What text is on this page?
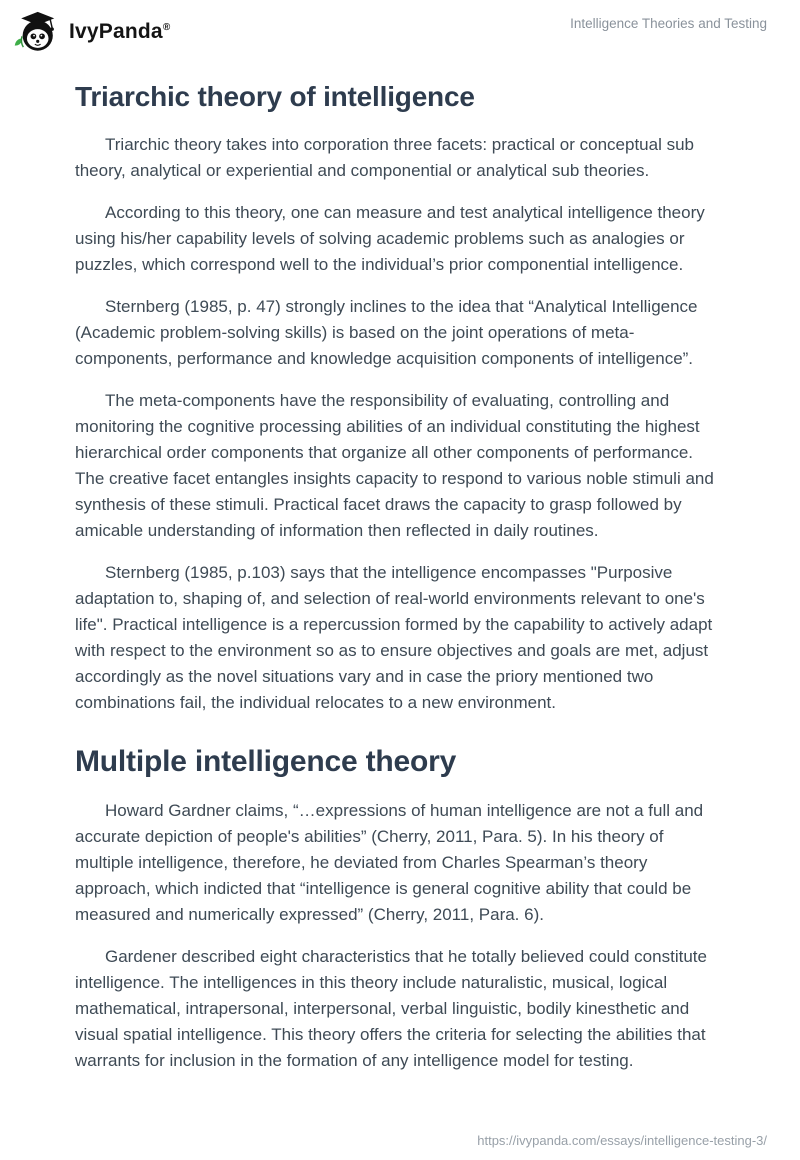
IvyPanda®	Intelligence Theories and Testing
Triarchic theory of intelligence

Triarchic theory takes into corporation three facets: practical or conceptual sub theory, analytical or experiential and componential or analytical sub theories.

According to this theory, one can measure and test analytical intelligence theory using his/her capability levels of solving academic problems such as analogies or puzzles, which correspond well to the individual’s prior componential intelligence.

Sternberg (1985, p. 47) strongly inclines to the idea that “Analytical Intelligence (Academic problem-solving skills) is based on the joint operations of meta-components, performance and knowledge acquisition components of intelligence”.

The meta-components have the responsibility of evaluating, controlling and monitoring the cognitive processing abilities of an individual constituting the highest hierarchical order components that organize all other components of performance. The creative facet entangles insights capacity to respond to various noble stimuli and synthesis of these stimuli. Practical facet draws the capacity to grasp followed by amicable understanding of information then reflected in daily routines.

Sternberg (1985, p.103) says that the intelligence encompasses "Purposive adaptation to, shaping of, and selection of real-world environments relevant to one's life". Practical intelligence is a repercussion formed by the capability to actively adapt with respect to the environment so as to ensure objectives and goals are met, adjust accordingly as the novel situations vary and in case the priory mentioned two combinations fail, the individual relocates to a new environment.

Multiple intelligence theory

Howard Gardner claims, “…expressions of human intelligence are not a full and accurate depiction of people's abilities” (Cherry, 2011, Para. 5). In his theory of multiple intelligence, therefore, he deviated from Charles Spearman’s theory approach, which indicted that “intelligence is general cognitive ability that could be measured and numerically expressed” (Cherry, 2011, Para. 6).

Gardener described eight characteristics that he totally believed could constitute intelligence. The intelligences in this theory include naturalistic, musical, logical mathematical, intrapersonal, interpersonal, verbal linguistic, bodily kinesthetic and visual spatial intelligence. This theory offers the criteria for selecting the abilities that warrants for inclusion in the formation of any intelligence model for testing.

https://ivypanda.com/essays/intelligence-testing-3/
